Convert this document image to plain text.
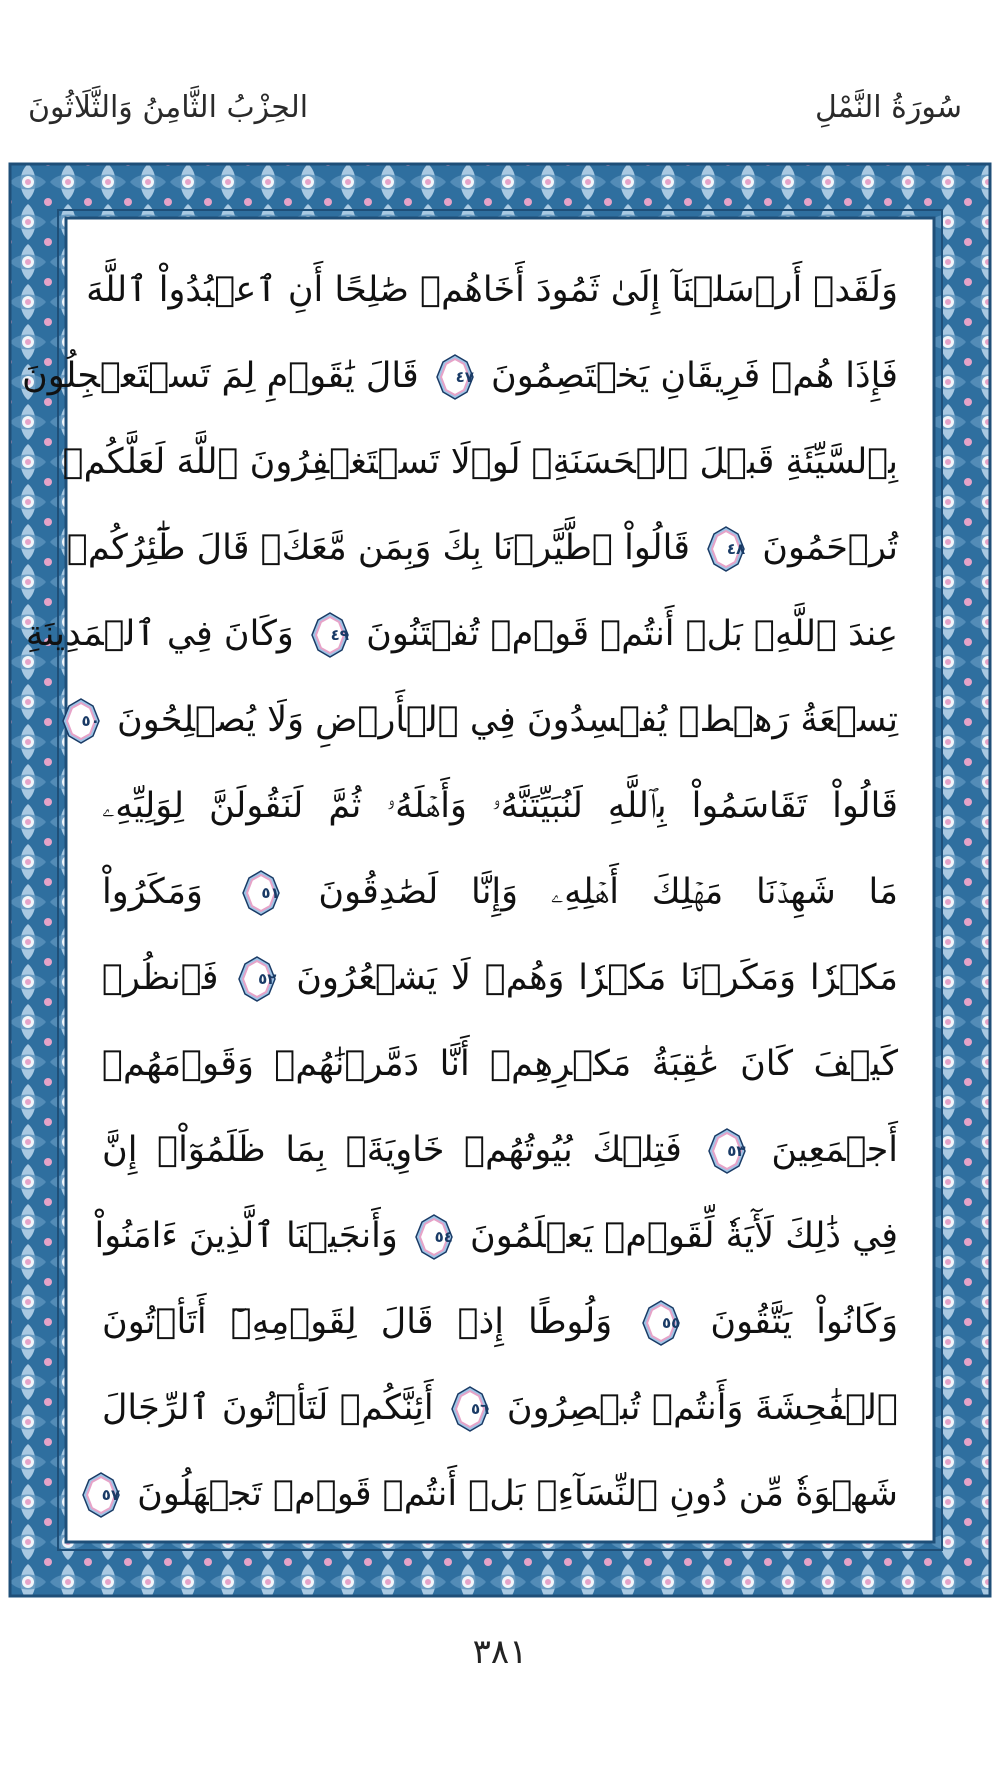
سُورَةُ النَّمْلِ
الحِزْبُ الثَّامِنُ وَالثَّلَاثُونَ
وَلَقَدۡ أَرۡسَلۡنَآ إِلَىٰ ثَمُودَ أَخَاهُمۡ صَٰلِحًا أَنِ ٱعۡبُدُواْ ٱللَّهَ
فَإِذَا هُمۡ فَرِيقَانِ يَخۡتَصِمُونَ
٤٧
قَالَ يَٰقَوۡمِ لِمَ تَسۡتَعۡجِلُونَ
بِٱلسَّيِّئَةِ قَبۡلَ ٱلۡحَسَنَةِۖ لَوۡلَا تَسۡتَغۡفِرُونَ ٱللَّهَ لَعَلَّكُمۡ
تُرۡحَمُونَ
٤٨
قَالُواْ ٱطَّيَّرۡنَا بِكَ وَبِمَن مَّعَكَۚ قَالَ طَٰٓئِرُكُمۡ
عِندَ ٱللَّهِۖ بَلۡ أَنتُمۡ قَوۡمٞ تُفۡتَنُونَ
٤٩
وَكَانَ فِي ٱلۡمَدِينَةِ
تِسۡعَةُ رَهۡطٖ يُفۡسِدُونَ فِي ٱلۡأَرۡضِ وَلَا يُصۡلِحُونَ
٥٠
قَالُواْ تَقَاسَمُواْ بِٱللَّهِ لَنُبَيِّتَنَّهُۥ وَأَهۡلَهُۥ ثُمَّ لَنَقُولَنَّ لِوَلِيِّهِۦ
مَا شَهِدۡنَا مَهۡلِكَ أَهۡلِهِۦ وَإِنَّا لَصَٰدِقُونَ
٥١
وَمَكَرُواْ
مَكۡرٗا وَمَكَرۡنَا مَكۡرٗا وَهُمۡ لَا يَشۡعُرُونَ
٥٢
فَٱنظُرۡ
كَيۡفَ كَانَ عَٰقِبَةُ مَكۡرِهِمۡ أَنَّا دَمَّرۡنَٰهُمۡ وَقَوۡمَهُمۡ
أَجۡمَعِينَ
٥٣
فَتِلۡكَ بُيُوتُهُمۡ خَاوِيَةَۢ بِمَا ظَلَمُوٓاْۚ إِنَّ
فِي ذَٰلِكَ لَأٓيَةٗ لِّقَوۡمٖ يَعۡلَمُونَ
٥٤
وَأَنجَيۡنَا ٱلَّذِينَ ءَامَنُواْ
وَكَانُواْ يَتَّقُونَ
٥٥
وَلُوطًا إِذۡ قَالَ لِقَوۡمِهِۦٓ أَتَأۡتُونَ
ٱلۡفَٰحِشَةَ وَأَنتُمۡ تُبۡصِرُونَ
٥٦
أَئِنَّكُمۡ لَتَأۡتُونَ ٱلرِّجَالَ
شَهۡوَةٗ مِّن دُونِ ٱلنِّسَآءِۚ بَلۡ أَنتُمۡ قَوۡمٞ تَجۡهَلُونَ
٥٧
٣٨١
